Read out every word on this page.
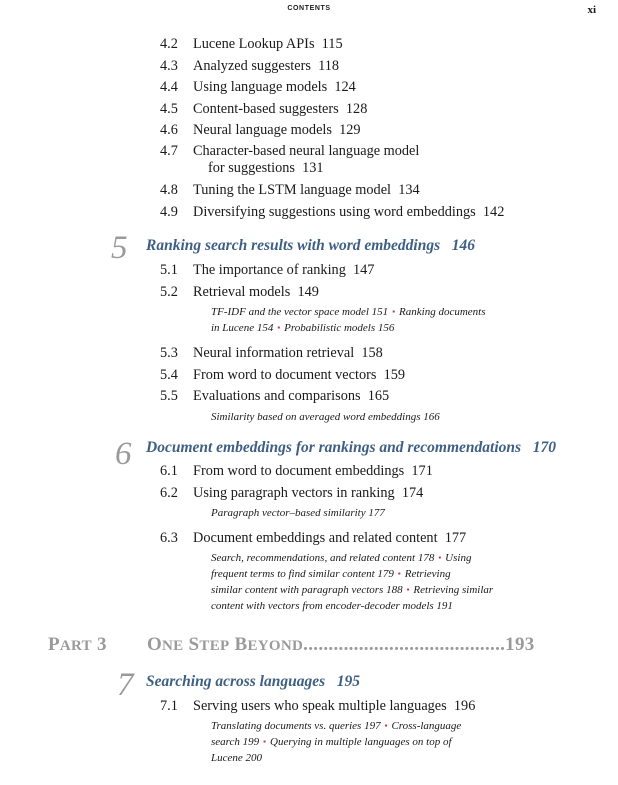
CONTENTS	xi
4.2 Lucene Lookup APIs 115
4.3 Analyzed suggesters 118
4.4 Using language models 124
4.5 Content-based suggesters 128
4.6 Neural language models 129
4.7 Character-based neural language model
for suggestions 131
4.8 Tuning the LSTM language model 134
4.9 Diversifying suggestions using word embeddings 142
5 Ranking search results with word embeddings 146
5.1 The importance of ranking 147
5.2 Retrieval models 149
TF-IDF and the vector space model 151 ▪ Ranking documents
in Lucene 154 ▪ Probabilistic models 156
5.3 Neural information retrieval 158
5.4 From word to document vectors 159
5.5 Evaluations and comparisons 165
Similarity based on averaged word embeddings 166
6 Document embeddings for rankings and recommendations 170
6.1 From word to document embeddings 171
6.2 Using paragraph vectors in ranking 174
Paragraph vector–based similarity 177
6.3 Document embeddings and related content 177
Search, recommendations, and related content 178 ▪ Using
frequent terms to find similar content 179 ▪ Retrieving
similar content with paragraph vectors 188 ▪ Retrieving similar
content with vectors from encoder-decoder models 191
PART 3 ONE STEP BEYOND........................................193
7 Searching across languages 195
7.1 Serving users who speak multiple languages 196
Translating documents vs. queries 197 ▪ Cross-language
search 199 ▪ Querying in multiple languages on top of
Lucene 200
